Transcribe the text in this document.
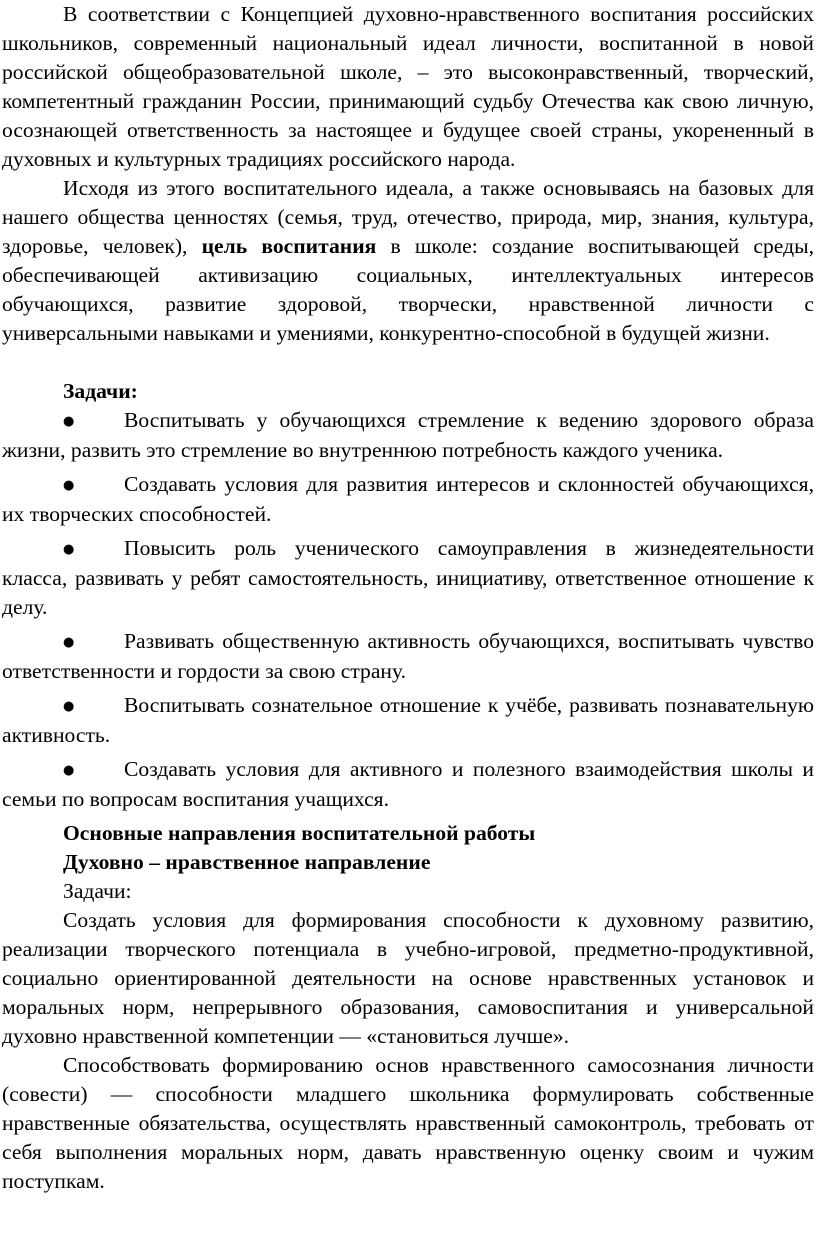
В соответствии с Концепцией духовно-нравственного воспитания российских школьников, современный национальный идеал личности, воспитанной в новой российской общеобразовательной школе, – это высоконравственный, творческий, компетентный гражданин России, принимающий судьбу Отечества как свою личную, осознающей ответственность за настоящее и будущее своей страны, укорененный в духовных и культурных традициях российского народа.

Исходя из этого воспитательного идеала, а также основываясь на базовых для нашего общества ценностях (семья, труд, отечество, природа, мир, знания, культура, здоровье, человек), цель воспитания в школе: создание воспитывающей среды, обеспечивающей активизацию социальных, интеллектуальных интересов обучающихся, развитие здоровой, творчески, нравственной личности с универсальными навыками и умениями, конкурентно-способной в будущей жизни.

Задачи:

● Воспитывать у обучающихся стремление к ведению здорового образа жизни, развить это стремление во внутреннюю потребность каждого ученика.

● Создавать условия для развития интересов и склонностей обучающихся, их творческих способностей.

● Повысить роль ученического самоуправления в жизнедеятельности класса, развивать у ребят самостоятельность, инициативу, ответственное отношение к делу.

● Развивать общественную активность обучающихся, воспитывать чувство ответственности и гордости за свою страну.

● Воспитывать сознательное отношение к учёбе, развивать познавательную активность.

● Создавать условия для активного и полезного взаимодействия школы и семьи по вопросам воспитания учащихся.

Основные направления воспитательной работы

Духовно – нравственное направление

Задачи:

Создать условия для формирования способности к духовному развитию, реализации творческого потенциала в учебно-игровой, предметно-продуктивной, социально ориентированной деятельности на основе нравственных установок и моральных норм, непрерывного образования, самовоспитания и универсальной духовно нравственной компетенции — «становиться лучше».

Способствовать формированию основ нравственного самосознания личности (совести) — способности младшего школьника формулировать собственные нравственные обязательства, осуществлять нравственный самоконтроль, требовать от себя выполнения моральных норм, давать нравственную оценку своим и чужим поступкам.
